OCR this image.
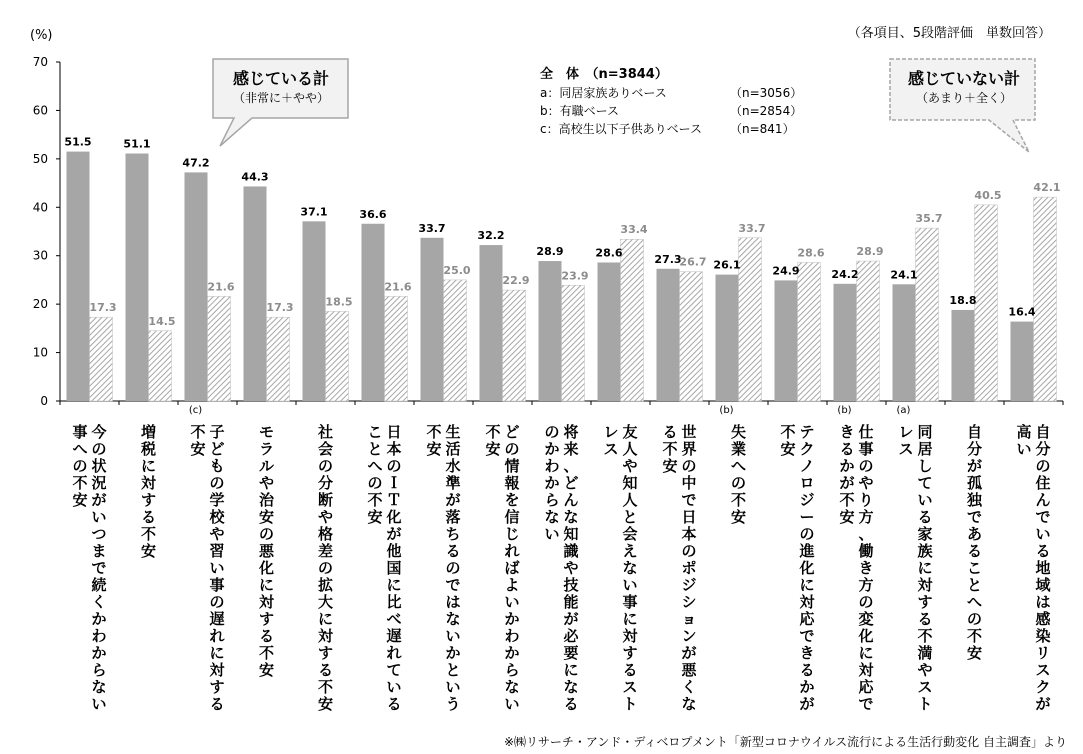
0
10
20
30
40
50
60
70
51.5
17.3
51.1
14.5
47.2
21.6
44.3
17.3
37.1
18.5
36.6
21.6
33.7
25.0
32.2
22.9
28.9
23.9
28.6
33.4
27.3
26.7 26.1
33.7
24.9
28.6
24.2
28.9
24.1
35.7
18.8
40.5
16.4
42.1
今
の
状
況
が
い
つ
ま
で
続
く
か
わ
か
ら
な
い
事
へ
の
不
安
増
税
に
対
す
る
不
安
(c)
子
ど
も
の
学
校
や
習
い
事
の
遅
れ
に
対
す
る
不
安
モ
ラ
ル
や
治
安
の
悪
化
に
対
す
る
不
安
社
会
の
分
断
や
格
差
の
拡
大
に
対
す
る
不
安
日
本
の
Ｉ
Ｔ
化
が
他
国
に
比
べ
遅
れ
て
い
る
こ
と
へ
の
不
安
生
活
水
準
が
落
ち
る
の
で
は
な
い
か
と
い
う
不
安
ど
の
情
報
を
信
じ
れ
ば
よ
い
か
わ
か
ら
な
い
不
安
将
来
、
ど
ん
な
知
識
や
技
能
が
必
要
に
な
る
の
か
わ
か
ら
な
い
友
人
や
知
人
と
会
え
な
い
事
に
対
す
る
ス
ト
レ
ス
世
界
の
中
で
日
本
の
ポ
ジ
シ
ョ
ン
が
悪
く
な
る
不
安
(b)
失
業
へ
の
不
安
テ
ク
ノ
ロ
ジ
ー
の
進
化
に
対
応
で
き
る
か
が
不
安
(b)
仕
事
の
や
り
方
、
働
き
方
の
変
化
に
対
応
で
き
る
か
が
不
安
(a)
同
居
し
て
い
る
家
族
に
対
す
る
不
満
や
ス
ト
レ
ス
自
分
が
孤
独
で
あ
る
こ
と
へ
の
不
安
自
分
の
住
ん
で
い
る
地
域
は
感
染
リ
ス
ク
が
高
い
(%)	（各項目、5段階評価　単数回答）
全　体　（n=3844）
a：同居家族ありベース	（n=3056）
b：有職ベース	（n=2854）
c：高校生以下子供ありベース	（n=841）
感じている計
（非常に＋やや）
感じていない計
（あまり＋全く）
※㈱リサーチ・アンド・ディベロプメント「新型コロナウイルス流行による生活行動変化 自主調査」より
